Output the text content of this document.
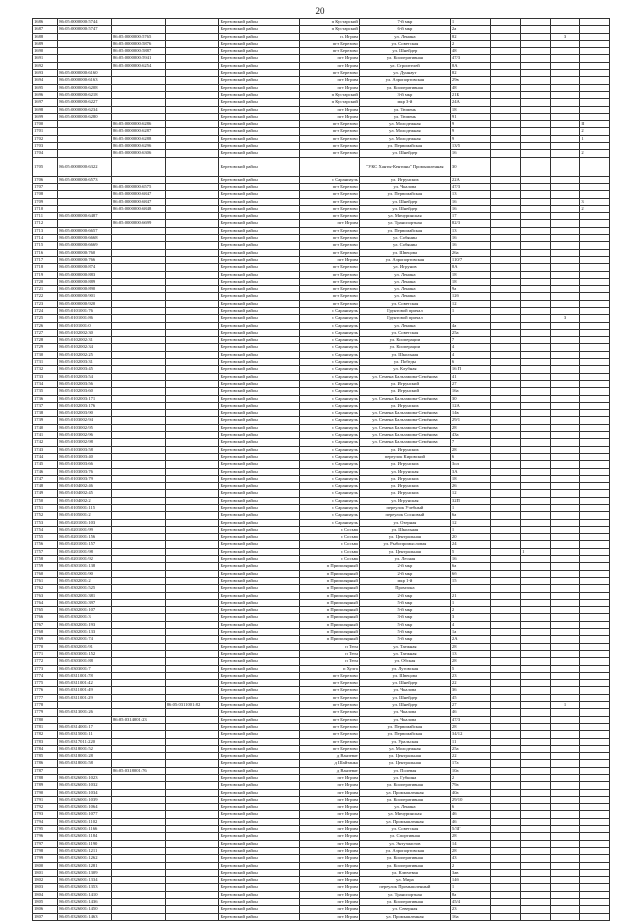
20
1686	86:05:0000000:5744			Березовский район	п Кустарский	7-й мкр	1				
1687	86:05:0000000:5747			Березовский район	п Кустарский	6-й мкр	2а				
1688		86:05:0000000:5765		Березовский район	п. Игрим	ул. Ленина	82			3	
1689		86:05:0000000:5876		Березовский район	пгт Березово	ул. Советская	2				
1690		86:05:0000000:5887		Березовский район	пгт Березово	ул. Шнейдер	48				
1691		86:05:0000000:5941		Березовский район	пгт Игрим	ул. Кооперативная	47/3				
1692		86:05:0000000:6254		Березовский район	пгт Игрим	ул. Строителей	8А				
1693	86:05:0000000:6160			Березовский район	пгт Березово	ул. Дуннаут	82				
1694	86:05:0000000:6163			Березовский район	пгт Игрим	ул. Аэропортовская	29в				
1695	86:05:0000000:6208			Березовский район	пгт Игрим	ул. Кооперативная	48				
1696	86:05:0000000:6218			Березовский район	п Кустарский	3-й мкр	21Б				
1697	86:05:0000000:6227			Березовский район	п Кустарский	мкр 3-й	24А				
1698	86:05:0000000:6234			Березовский район	пгт Игрим	ул. Тюмень	18				
1699	86:05:0000000:6280			Березовский район	пгт Игрим	ул. Тюмень	91				
1700		86:05:0000000:6286		Березовский район	пгт Березово	ул. Молодежная	9				II
1701		86:05:0000000:6287		Березовский район	пгт Березово	ул. Молодежная	9				2
1702		86:05:0000000:6288		Березовский район	пгт Березово	ул. Молодежная	9				1
1703		86:05:0000000:6296		Березовский район	пгт Березово	ул. Первомайская	13/5				
1704		86:05:0000000:6306		Березовский район	пгт Березово	ул. Шнейдер	16				2
1705	86:05:0000000:6322			Березовский район		"УКС Ханты-Кентинн" Промышленная	30				
1706	86:05:0000000:6573			Березовский район	с Саранпауль	ул. Игрунских	22А				
1707		86:05:0000000:6575		Березовский район	пгт Березово	ул. Чкалова	47/3				
1708		86:05:0000000:6847		Березовский район	пгт Березово	ул. Первомайская	13				
1709		86:05:0000000:6847		Березовский район	пгт Березово	ул. Шнейдер	16				3
1710		86:05:0000000:6848		Березовский район	пгт Березово	ул. Шнейдер	16				2
1711	86:05:0000000:6487			Березовский район	пгт Березово	ул. Мичуринская	17				
1712		86:05:0000000:6699		Березовский район	пгт Игрим	ул. Транспортная	82/3				
1713	86:05:0000000:6657			Березовский район	пгт Березово	ул. Первомайская	13				
1714	86:05:0000000:6668			Березовский район	пгт Березово	ул. Собянин	16				
1715	86:05:0000000:6669			Березовский район	пгт Березово	ул. Собянин	16				
1716	86:05:0000000:760			Березовский район	пгт Березово	ул. Швецова	26а				
1717	86:05:0000000:766			Березовский район	пгт Игрим	ул. Аэропортовская	110/7				
1718	86:05:0000000:874			Березовский район	пгт Березово	ул. Игрунов	8А				
1719	86:05:0000000:883			Березовский район	пгт Березово	ул. Ленина	18				
1720	86:05:0000000:889			Березовский район	пгт Березово	ул. Ленина	18				
1721	86:05:0000000:890			Березовский район	пгт Березово	ул. Ленина	9а				
1722	86:05:0000000:901			Березовский район	пгт Березово	ул. Ленина	12б				
1723	86:05:0000000:920			Березовский район	пгт Березово	ул. Советская	12				
1724	86:05:0101001:76			Березовский район	с Саранпауль	Грунтовой причал	1				
1725	86:05:0101001:86			Березовский район	с Саранпауль	Грунтовой причал				3	
1726	86:05:0101001:0			Березовский район	с Саранпауль	ул. Ленина	4а				
1727	86:05:0102002:30			Березовский район	с Саранпауль	ул. Советская	25а				
1728	86:05:0102002:31			Березовский район	с Саранпауль	ул. Кооперации	7				
1729	86:05:0102002:34			Березовский район	с Саранпауль	ул. Кооперации	4				
1730	86:05:0102002:25			Березовский район	с Саранпауль	ул. Школьная	4				
1731	86:05:0102003:31			Березовский район	с Саранпауль	ул. Победы	6				
1732	86:05:0102003:45			Березовский район	с Саранпауль	ул. Клубная	16 П				
1733	86:05:0102003:54			Березовский район	с Саранпауль	ул. Семена Бальзамова-Семёнова	41				
1734	86:05:0102003:56			Березовский район	с Саранпауль	ул. Игрунский	27				
1735	86:05:0102003:60			Березовский район	с Саранпауль	ул. Игрунский	16а				
1736	86:05:0102003:171			Березовский район	с Саранпауль	ул. Семена Бальзамова-Семёнова	30				
1737	86:05:0102003:176			Березовский район	с Саранпауль	ул. Игрунских	12А				
1738	86:05:0102003:90			Березовский район	с Саранпауль	ул. Семена Бальзамова-Семёнова	14в				
1739	86:05:0103002:94			Березовский район	с Саранпауль	ул. Семена Бальзамова-Семёнова	29/1				
1740	86:05:0103002:95			Березовский район	с Саранпауль	ул. Семена Бальзамова-Семёнова	28				
1741	86:05:0103002:96			Березовский район	с Саранпауль	ул. Семена Бальзамова-Семёнова	43а				
1742	86:05:0103002:98			Березовский район	с Саранпауль	ул. Семена Бальзамова-Семёнова	7				
1743	86:05:0103003:58			Березовский район	с Саранпауль	ул. Игрунских	28				
1744	86:05:0103003:40			Березовский район	с Саранпауль	переулок Кировский	6				
1745	86:05:0103003:66			Березовский район	с Саранпауль	ул. Игрунских	3ол				
1746	86:05:0103003:76			Березовский район	с Саранпауль	ул. Игрунская	3А				
1747	86:05:0103003:79			Березовский район	с Саранпауль	ул. Игрунских	18				
1748	86:05:0104002:46			Березовский район	с Саранпауль	ул. Игрунских	26				
1749	86:05:0104002:45			Березовский район	с Саранпауль	ул. Игрунских	12				
1750	86:05:0104002:2			Березовский район	с Саранпауль	ул. Игрунская	32П				
1751	86:05:0105001:115			Березовский район	с Саранпауль	переулок Учебный	1				
1752	86:05:0105001:2			Березовский район	с Саранпауль	переулок Сосновый	6а				
1753	86:05:0201001:103			Березовский район	с Саранпауль	ул. Озерная	12				
1754	86:05:0201001:99			Березовский район	с Сосьва	ул. Школьная	1				
1755	86:05:0201001:156			Березовский район	с Сосьва	ул. Центральная	20				
1756	86:05:0201001:157			Березовский район	с Сосьва	ул. Рыбопромысловая	24				
1757	86:05:0201001:98			Березовский район	с Сосьва	ул. Центральная	5		1		
1758	86:05:0201001:92			Березовский район	с Сосьва	ул. Лесная	16				
1759	86:05:0301001:138			Березовский район	п Приполярный	2-й мкр	6а				
1760	86:05:0302001:90			Березовский район	п Приполярный	2-й мкр	6б				
1761	86:05:0302001:2			Березовский район	п Приполярный	мкр 1-й	15				
1762	86:05:0302001:525			Березовский район	п Приполярный	Промзона					
1763	86:05:0302001:381			Березовский район	п Приполярный	2-й мкр	21				
1764	86:05:0302001:397			Березовский район	п Приполярный	5-й мкр	1				
1765	86:05:0302001:107			Березовский район	п Приполярный	5-й мкр	2				
1766	86:05:0302001:3			Березовский район	п Приполярный	3-й мкр	3				
1767	86:05:0302001:193			Березовский район	п Приполярный	5-й мкр	4				
1768	86:05:0302001:133			Березовский район	п Приполярный	5-й мкр	1а				
1769	86:05:0302001:74			Березовский район	п Приполярный	5-й мкр	2А				
1770	86:05:0302001:91			Березовский район	п Тегн	ул. Таежная	28				
1771	86:05:0303001:152			Березовский район	п Тегн	ул. Таежная	13				
1772	86:05:0303001:88			Березовский район	п Тегн	ул. Обская	28				
1773	86:05:0303001:7			Березовский район	п Хулга	ул. Луговская	5				
1774	86:05:0311001:78			Березовский район	пгт Березово	ул. Швецова	23				
1775	86:05:0311001:42			Березовский район	пгт Березово	ул. Шнейдер	22				
1776	86:05:0311001:49			Березовский район	пгт Березово	ул. Чкалова	36				
1777	86:05:0311001:29			Березовский район	пгт Березово	ул. Шнейдер	45				
1778			86:05:0311001:82	Березовский район	пгт Березово	ул. Шнейдер	27			1	
1779	86:05:0313001:26			Березовский район	пгт Березово	ул. Чкалова	46				
1780		86:05:0314001:23		Березовский район	пгт Березово	ул. Чкалова	47/3				
1781	86:05:0314001:17			Березовский район	пгт Березово	ул. Первомайская	28				
1782	86:05:0315001:11			Березовский район	пгт Березово	ул. Первомайская	34/12				
1783	86:05:0317011:220			Березовский район	пгт Березово	ул. Уральская	11				
1784	86:05:0318001:52			Березовский район	пгт Березово	ул. Молодежная	25а				
1785	86:05:0318001:28			Березовский район	д Ванзеват	ул. Центральная	22				
1786	86:05:0318001:58			Березовский район	д Шайтанка	ул. Центральная	17а				
1787		86:05:0318001:76		Березовский район	д Ванзеват	ул. Полевая	10а				
1788	86:05:0326001:1023			Березовский район	пгт Игрим	ул. Губкина	2				
1789	86:05:0326001:1032			Березовский район	пгт Игрим	ул. Кооперативная	79а				
1790	86:05:0326001:1034			Березовский район	пгт Игрим	ул. Промышленная	40а				
1791	86:05:0326001:1039			Березовский район	пгт Игрим	ул. Кооперативная	29/10				
1792	86:05:0326001:1064			Березовский район	пгт Игрим	ул. Ленина	6				
1793	86:05:0326001:1077			Березовский район	пгт Игрим	ул. Мичуринская	46				
1794	86:05:0326001:1102			Березовский район	пгт Игрим	ул. Промышленная	46				
1795	86:05:0326001:1166			Березовский район	пгт Игрим	ул. Советская	5/3Г				
1796	86:05:0326001:1184			Березовский район	пгт Игрим	ул. Спортивная	28				
1797	86:05:0326001:1190			Березовский район	пгт Игрим	ул. Энтузиастов	14				
1798	86:05:0326001:1211			Березовский район	пгт Игрим	ул. Аэропортовская	28				
1799	86:05:0326001:1262			Березовский район	пгт Игрим	ул. Кооперативная	43				
1800	86:05:0326001:1281			Березовский район	пгт Игрим	ул. Кооперативная	2				
1801	86:05:0326001:1309			Березовский район	пгт Игрим	ул. Ключевая	3ав				
1802	86:05:0326001:1334			Березовский район	пгт Игрим	ул. Мира	14б				
1803	86:05:0326001:1353			Березовский район	пгт Игрим	переулок Промышленный	1				
1804	86:05:0326001:1410			Березовский район	пгт Игрим	ул. Транспортная	8а				
1805	86:05:0326001:1436			Березовский район	пгт Игрим	ул. Кооперативная	45/4				
1806	86:05:0326001:1450			Березовский район	пгт Игрим	ул. Северная	23				
1807	86:05:0326001:1463			Березовский район	пгт Игрим	ул. Промышленная	16а				
